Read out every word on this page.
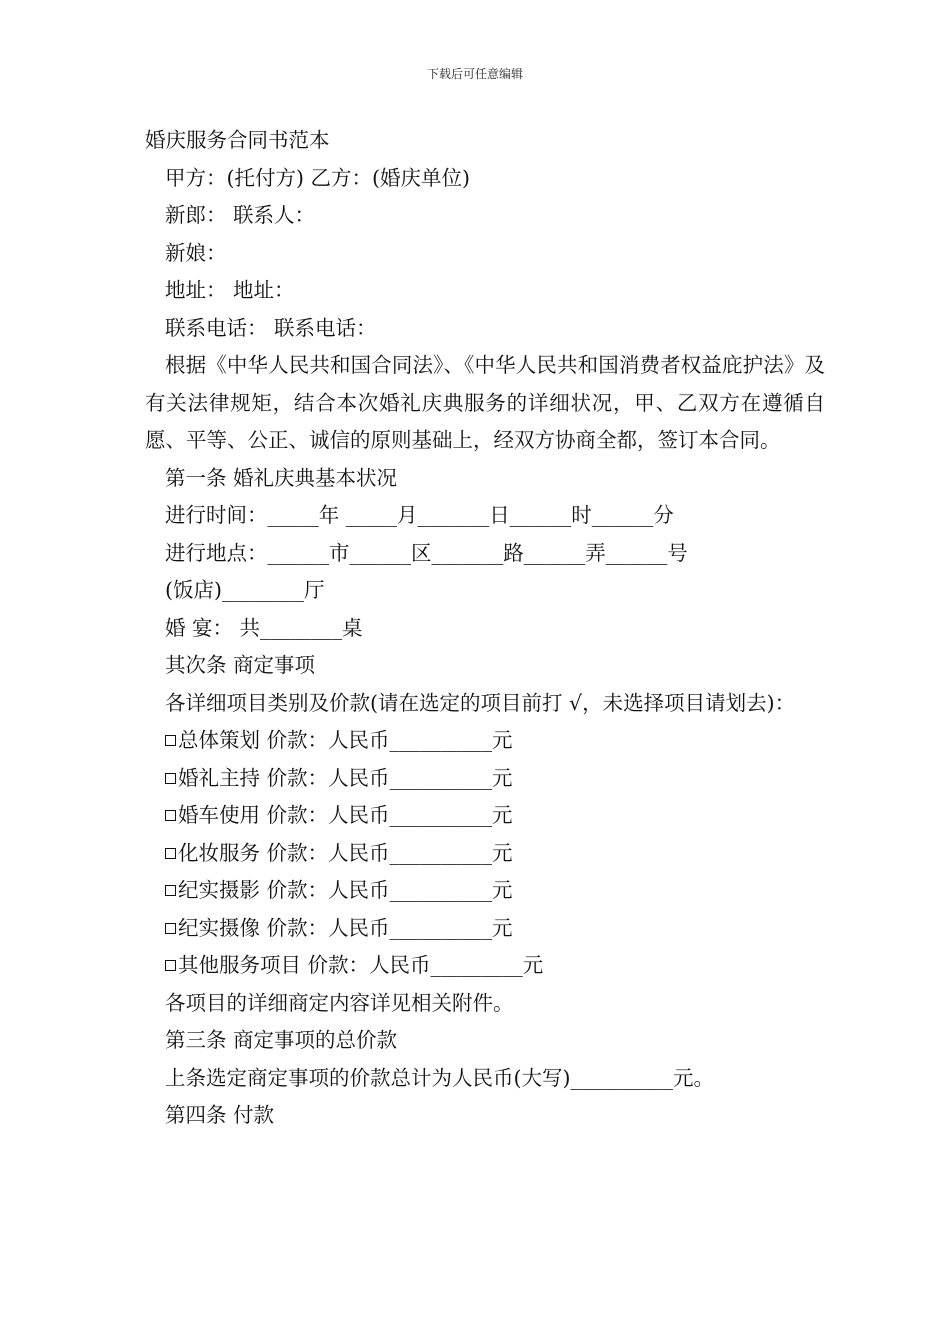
下载后可任意编辑
婚庆服务合同书范本
甲方：(托付方) 乙方：(婚庆单位)
新郎： 联系人：
新娘：
地址： 地址：
联系电话： 联系电话：
根据《中华人民共和国合同法》、《中华人民共和国消费者权益庇护法》及有关法律规矩，结合本次婚礼庆典服务的详细状况，甲、乙双方在遵循自愿、平等、公正、诚信的原则基础上，经双方协商全都，签订本合同。
第一条 婚礼庆典基本状况
进行时间：_____年 _____月_______日______时______分
进行地点：______市______区_______路______弄______号
(饭店)________厅
婚 宴： 共________桌
其次条 商定事项
各详细项目类别及价款(请在选定的项目前打 √，未选择项目请划去)：
总体策划 价款：人民币__________元
婚礼主持 价款：人民币__________元
婚车使用 价款：人民币__________元
化妆服务 价款：人民币__________元
纪实摄影 价款：人民币__________元
纪实摄像 价款：人民币__________元
其他服务项目 价款：人民币_________元
各项目的详细商定内容详见相关附件。
第三条 商定事项的总价款
上条选定商定事项的价款总计为人民币(大写)__________元。
第四条 付款
